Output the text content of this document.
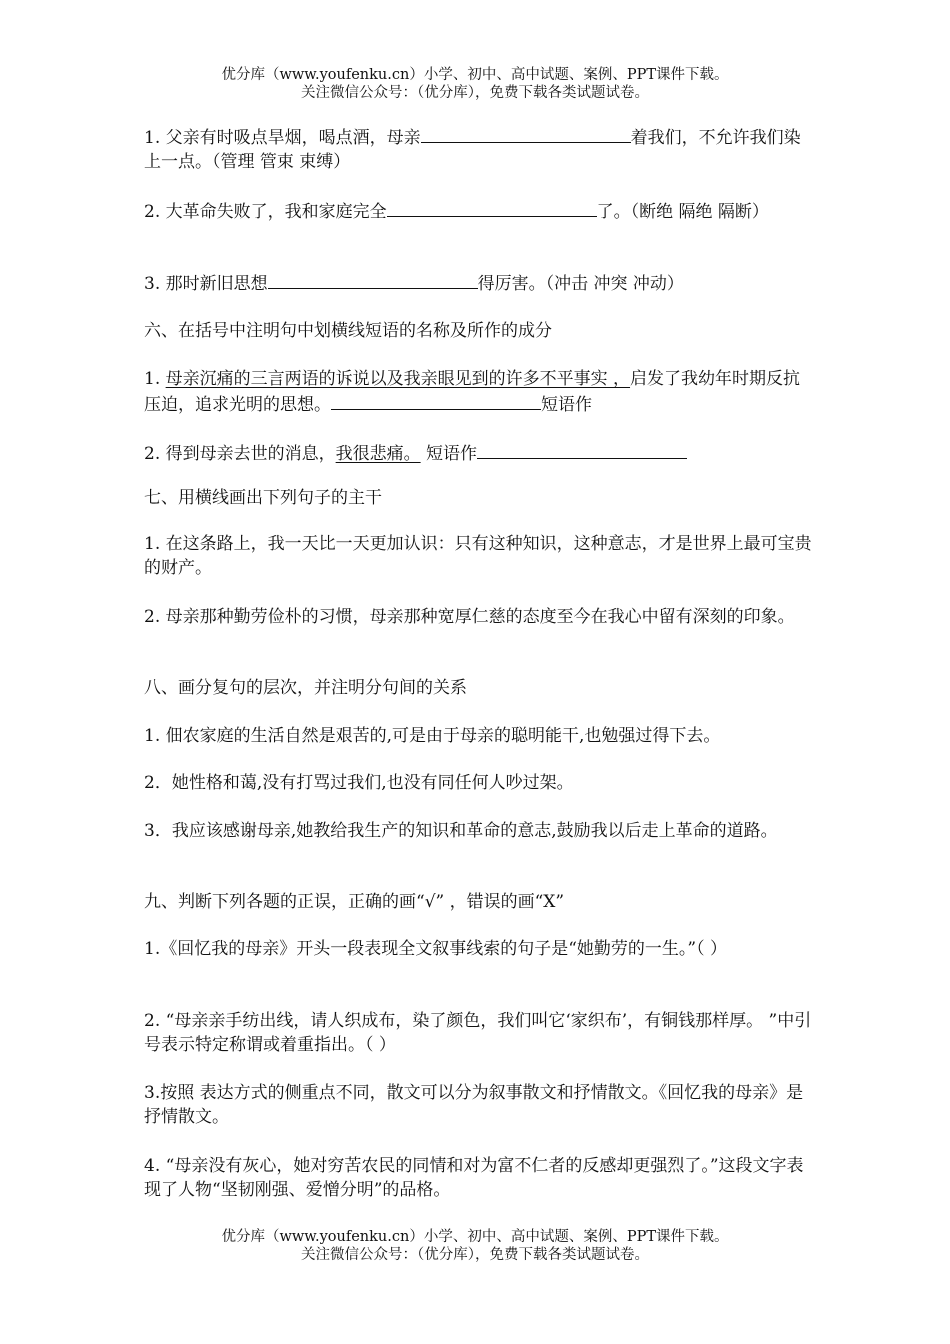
优分库（www.youfenku.cn）小学、初中、高中试题、案例、PPT课件下载。
关注微信公众号：（优分库），免费下载各类试题试卷。

1. 父亲有时吸点旱烟，喝点酒，母亲	着我们，不允许我们染上一点。（管理 管束 束缚）

2. 大革命失败了，我和家庭完全	了。（断绝 隔绝 隔断）

3. 那时新旧思想	得厉害。（冲击 冲突 冲动）

六、在括号中注明句中划横线短语的名称及所作的成分

1. 母亲沉痛的三言两语的诉说以及我亲眼见到的许多不平事实 ，启发了我幼年时期反抗压迫，追求光明的思想。	短语作

2. 得到母亲去世的消息，我很悲痛。 短语作

七、用横线画出下列句子的主干

1. 在这条路上，我一天比一天更加认识：只有这种知识，这种意志，才是世界上最可宝贵的财产。

2. 母亲那种勤劳俭朴的习惯，母亲那种宽厚仁慈的态度至今在我心中留有深刻的印象。

八、画分复句的层次，并注明分句间的关系

1. 佃农家庭的生活自然是艰苦的,可是由于母亲的聪明能干,也勉强过得下去。

2．她性格和蔼,没有打骂过我们,也没有同任何人吵过架。

3．我应该感谢母亲,她教给我生产的知识和革命的意志,鼓励我以后走上革命的道路。

九、判断下列各题的正误，正确的画“√” ，错误的画“X”

1.《回忆我的母亲》开头一段表现全文叙事线索的句子是“她勤劳的一生。”（ ）

2. “母亲亲手纺出线，请人织成布，染了颜色，我们叫它‘家织布’，有铜钱那样厚。 ”中引号表示特定称谓或着重指出。（ ）

3.按照 表达方式的侧重点不同，散文可以分为叙事散文和抒情散文。《回忆我的母亲》是抒情散文。

4. “母亲没有灰心，她对穷苦农民的同情和对为富不仁者的反感却更强烈了。”这段文字表现了人物“坚韧刚强、爱憎分明”的品格。

优分库（www.youfenku.cn）小学、初中、高中试题、案例、PPT课件下载。
关注微信公众号：（优分库），免费下载各类试题试卷。
